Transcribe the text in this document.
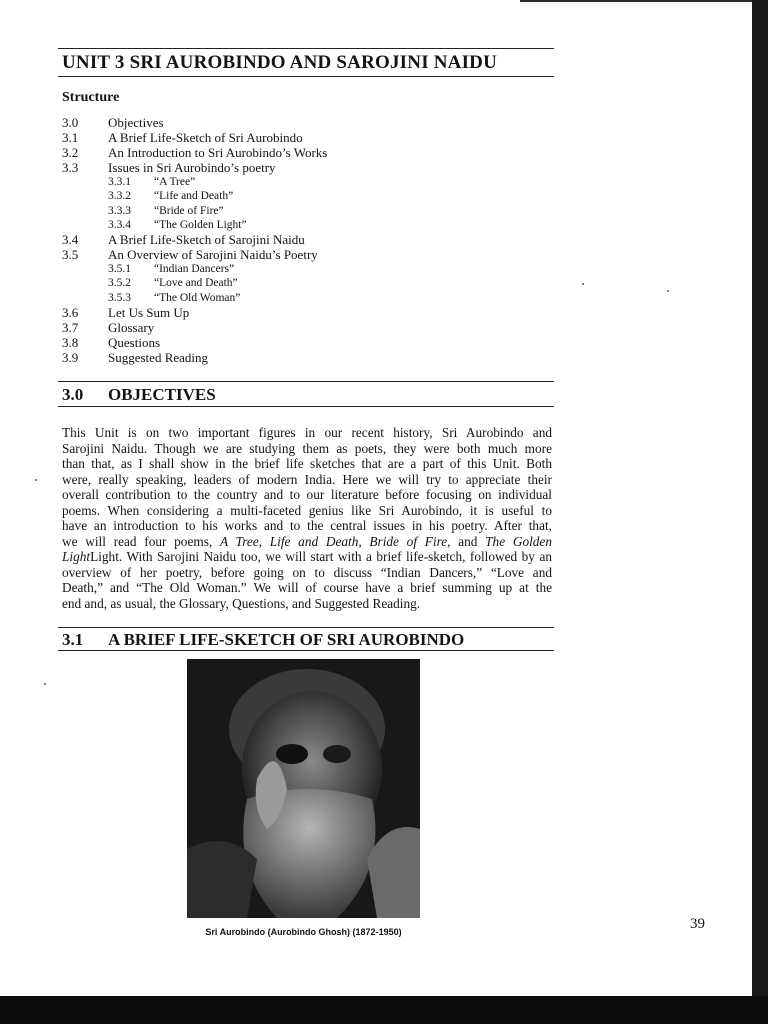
UNIT 3 SRI AUROBINDO AND SAROJINI NAIDU
Structure
3.0	Objectives
3.1	A Brief Life-Sketch of Sri Aurobindo
3.2	An Introduction to Sri Aurobindo’s Works
3.3	Issues in Sri Aurobindo’s poetry
3.3.1	“A Tree”
3.3.2	“Life and Death”
3.3.3	“Bride of Fire”
3.3.4	“The Golden Light”
3.4	A Brief Life-Sketch of Sarojini Naidu
3.5	An Overview of Sarojini Naidu’s Poetry
3.5.1	“Indian Dancers”
3.5.2	“Love and Death”
3.5.3	“The Old Woman”
3.6	Let Us Sum Up
3.7	Glossary
3.8	Questions
3.9	Suggested Reading
3.0	OBJECTIVES
This Unit is on two important figures in our recent history, Sri Aurobindo and
Sarojini Naidu. Though we are studying them as poets, they were both much more
than that, as I shall show in the brief life sketches that are a part of this Unit. Both
were, really speaking, leaders of modern India. Here we will try to appreciate their
overall contribution to the country and to our literature before focusing on individual
poems. When considering a multi-faceted genius like Sri Aurobindo, it is useful to
have an introduction to his works and to the central issues in his poetry. After that,
we will read four poems, A Tree, Life and Death, Bride of Fire, and The Golden
LightLight. With Sarojini Naidu too, we will start with a brief life-sketch, followed by an
overview of her poetry, before going on to discuss “Indian Dancers,” “Love and
Death,” and “The Old Woman.” We will of course have a brief summing up at the
end and, as usual, the Glossary, Questions, and Suggested Reading.
3.1	A BRIEF LIFE-SKETCH OF SRI AUROBINDO

Sri Aurobindo (Aurobindo Ghosh) (1872-1950)	39
